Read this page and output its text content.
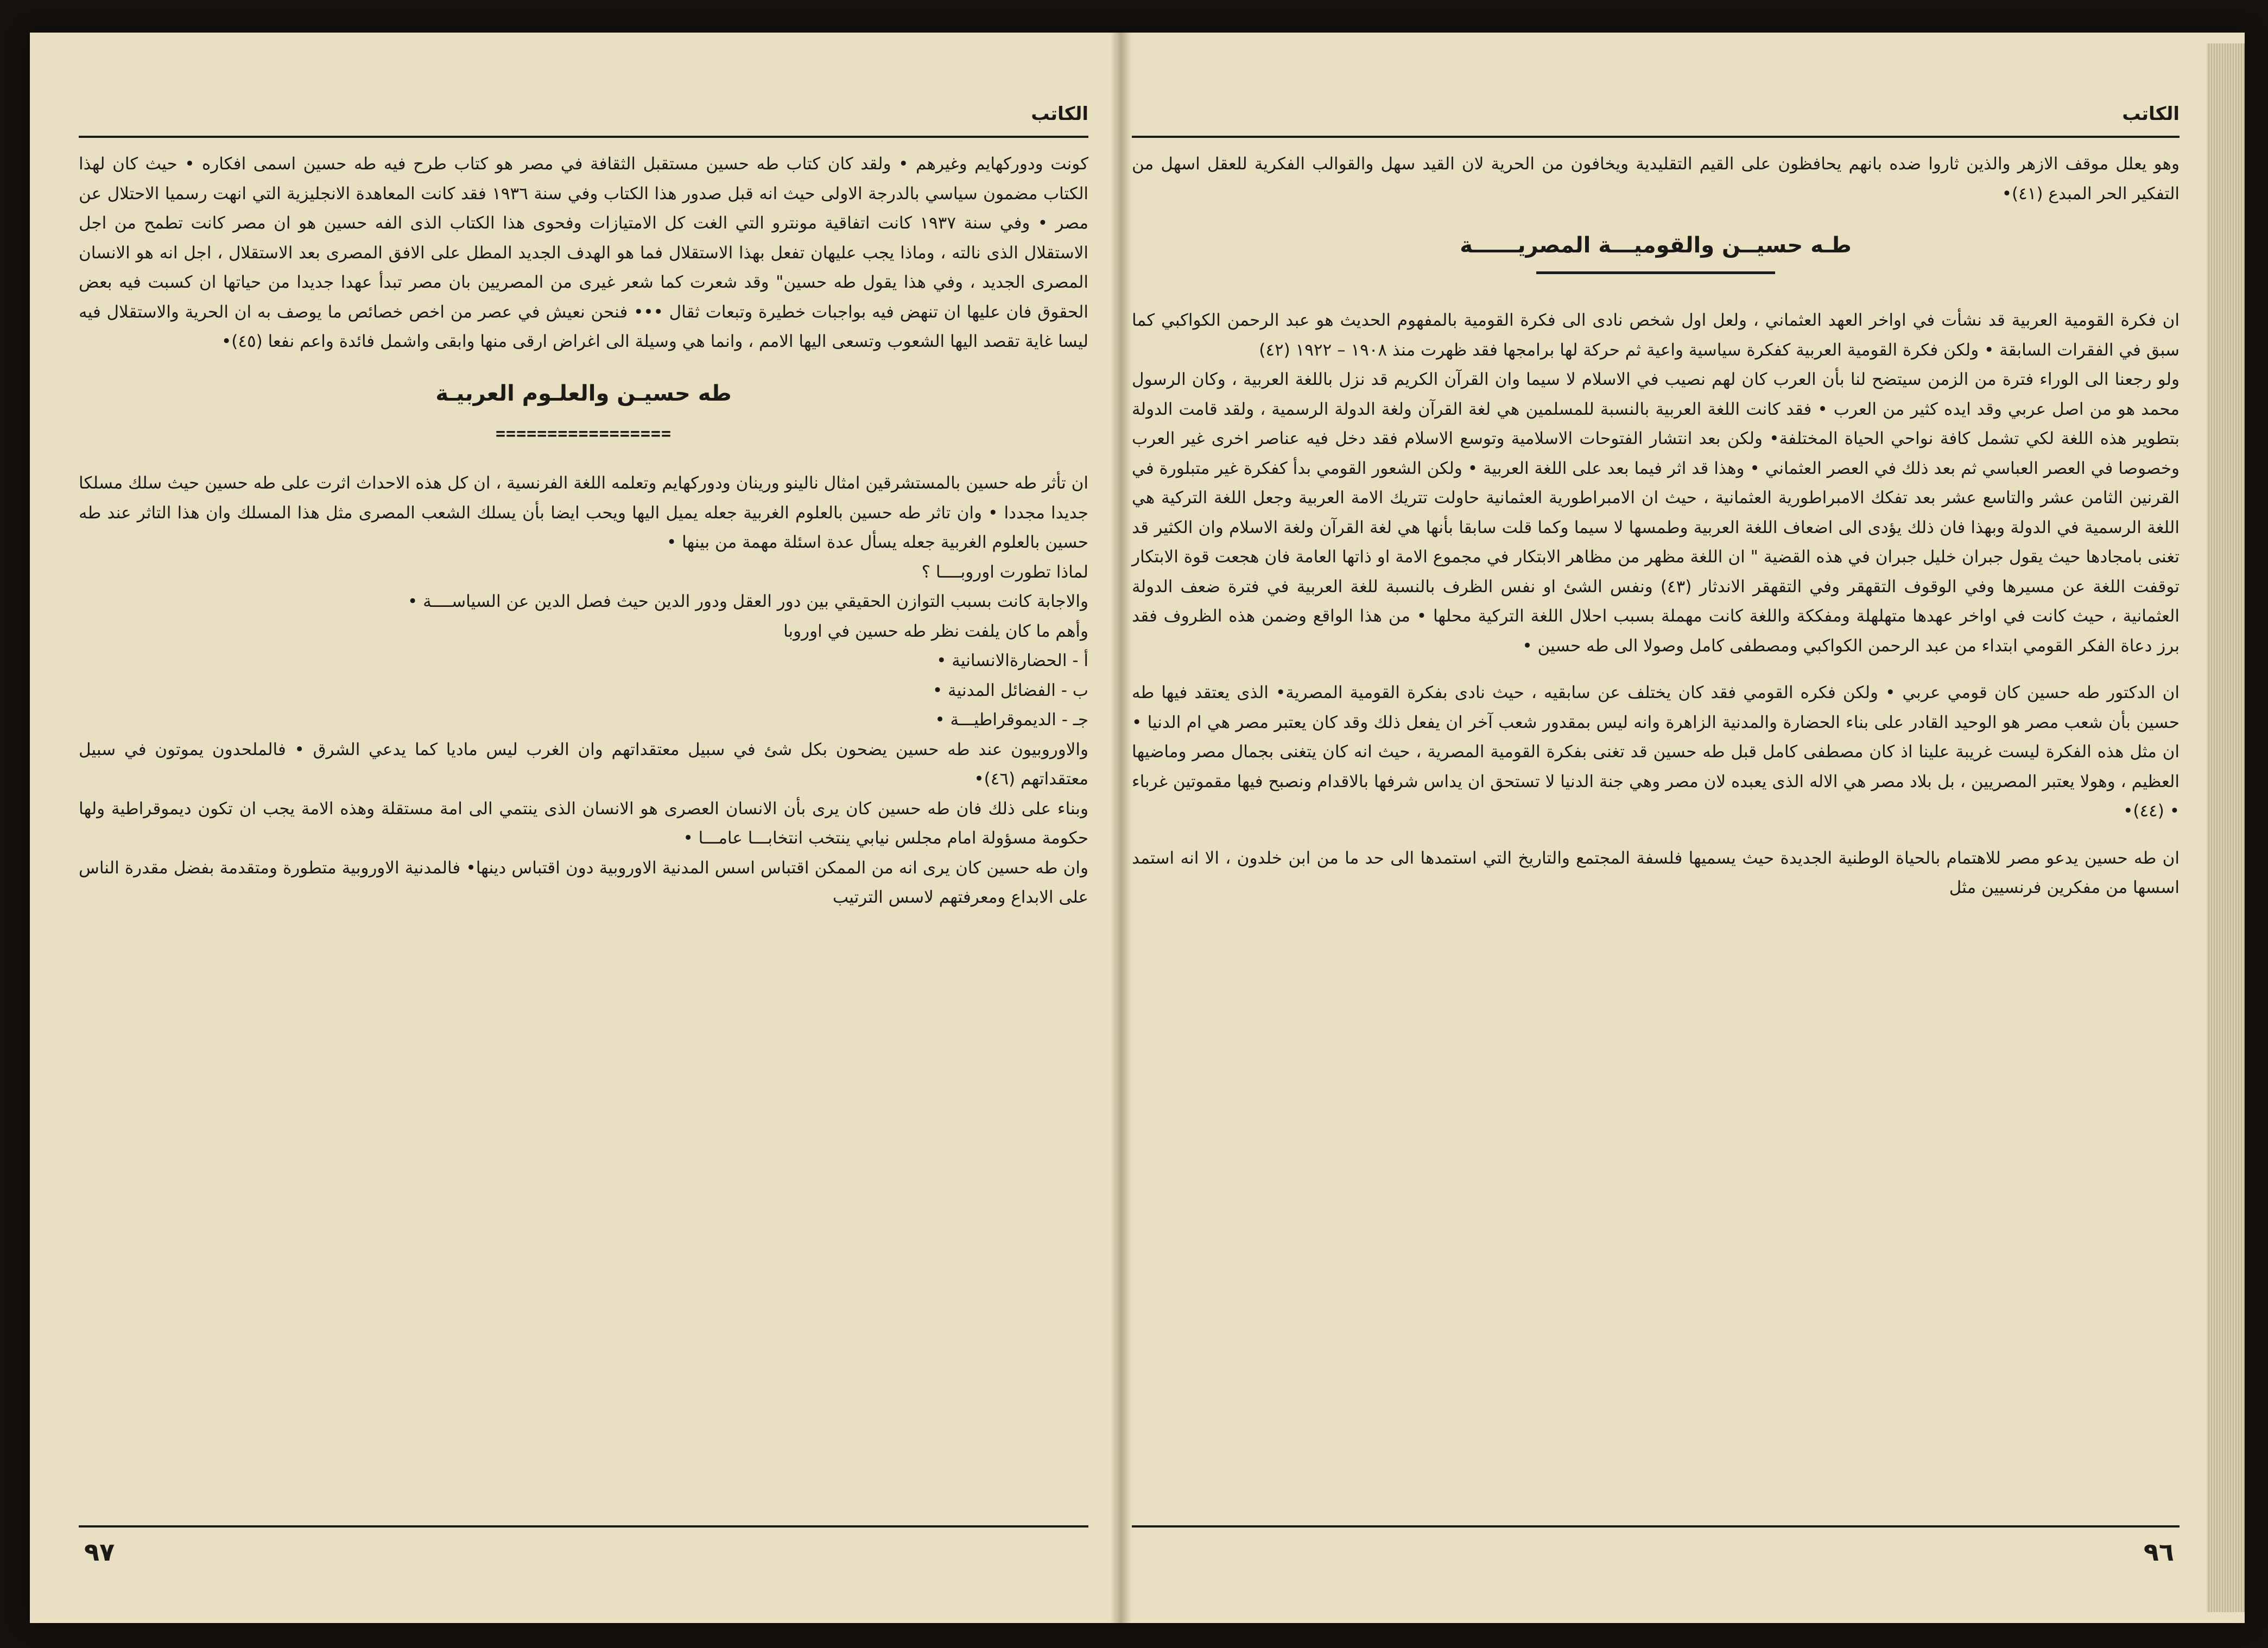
الكاتب

كونت ودوركهايم وغيرهم • ولقد كان كتاب طه حسين مستقبل الثقافة في مصر هو كتاب طرح فيه طه حسين اسمى افكاره • حيث كان لهذا الكتاب مضمون سياسي بالدرجة الاولى حيث انه قبل صدور هذا الكتاب وفي سنة ١٩٣٦ فقد كانت المعاهدة الانجليزية التي انهت رسميا الاحتلال عن مصر • وفي سنة ١٩٣٧ كانت اتفاقية مونترو التي الغت كل الامتيازات وفحوى هذا الكتاب الذى الفه حسين هو ان مصر كانت تطمح من اجل الاستقلال الذى نالته ، وماذا يجب عليهان تفعل بهذا الاستقلال فما هو الهدف الجديد المطل على الافق المصرى بعد الاستقلال ، اجل انه هو الانسان المصرى الجديد ، وفي هذا يقول طه حسين" وقد شعرت كما شعر غيرى من المصريين بان مصر تبدأ عهدا جديدا من حياتها ان كسبت فيه بعض الحقوق فان عليها ان تنهض فيه بواجبات خطيرة وتبعات ثقال ••• فنحن نعيش في عصر من اخص خصائص ما يوصف به ان الحرية والاستقلال فيه ليسا غاية تقصد اليها الشعوب وتسعى اليها الامم ، وانما هي وسيلة الى اغراض ارقى منها وابقى واشمل فائدة واعم نفعا (٤٥)•

طه حسيـن والعلـوم العربيـة
=================

ان تأثر طه حسين بالمستشرقين امثال نالينو ورينان ودوركهايم وتعلمه اللغة الفرنسية ، ان كل هذه الاحداث اثرت على طه حسين حيث سلك مسلكا جديدا مجددا • وان تاثر طه حسين بالعلوم الغربية جعله يميل اليها ويحب ايضا بأن يسلك الشعب المصرى مثل هذا المسلك وان هذا التاثر عند طه حسين بالعلوم الغربية جعله يسأل عدة اسئلة مهمة من بينها •

لماذا تطورت اوروبــــا ؟

والاجابة كانت بسبب التوازن الحقيقي بين دور العقل ودور الدين حيث فصل الدين عن السياســــة •

وأهم ما كان يلفت نظر طه حسين في اوروبا

أ - الحضارةالانسانية •

ب - الفضائل المدنية •

جـ - الديموقراطيـــة •

والاوروبيون عند طه حسين يضحون بكل شئ في سبيل معتقداتهم وان الغرب ليس ماديا كما يدعي الشرق • فالملحدون يموتون في سبيل معتقداتهم (٤٦)•

وبناء على ذلك فان طه حسين كان يرى بأن الانسان العصرى هو الانسان الذى ينتمي الى امة مستقلة وهذه الامة يجب ان تكون ديموقراطية ولها حكومة مسؤولة امام مجلس نيابي ينتخب انتخابـــا عامـــا •

وان طه حسين كان يرى انه من الممكن اقتباس اسس المدنية الاوروبية دون اقتباس دينها• فالمدنية الاوروبية متطورة ومتقدمة بفضل مقدرة الناس على الابداع ومعرفتهم لاسس الترتيب

٩٧
الكاتب

وهو يعلل موقف الازهر والذين ثاروا ضده بانهم يحافظون على القيم التقليدية ويخافون من الحرية لان القيد سهل والقوالب الفكرية للعقل اسهل من التفكير الحر المبدع (٤١)•

طـه حسيــن والقوميـــة المصريــــــة

ان فكرة القومية العربية قد نشأت في اواخر العهد العثماني ، ولعل اول شخص نادى الى فكرة القومية بالمفهوم الحديث هو عبد الرحمن الكواكبي كما سبق في الفقرات السابقة • ولكن فكرة القومية العربية كفكرة سياسية واعية ثم حركة لها برامجها فقد ظهرت منذ ١٩٠٨ – ١٩٢٢ (٤٢)

ولو رجعنا الى الوراء فترة من الزمن سيتضح لنا بأن العرب كان لهم نصيب في الاسلام لا سيما وان القرآن الكريم قد نزل باللغة العربية ، وكان الرسول محمد هو من اصل عربي وقد ايده كثير من العرب • فقد كانت اللغة العربية بالنسبة للمسلمين هي لغة القرآن ولغة الدولة الرسمية ، ولقد قامت الدولة بتطوير هذه اللغة لكي تشمل كافة نواحي الحياة المختلفة• ولكن بعد انتشار الفتوحات الاسلامية وتوسع الاسلام فقد دخل فيه عناصر اخرى غير العرب وخصوصا في العصر العباسي ثم بعد ذلك في العصر العثماني • وهذا قد اثر فيما بعد على اللغة العربية • ولكن الشعور القومي بدأ كفكرة غير متبلورة في القرنين الثامن عشر والتاسع عشر بعد تفكك الامبراطورية العثمانية ، حيث ان الامبراطورية العثمانية حاولت تتريك الامة العربية وجعل اللغة التركية هي اللغة الرسمية في الدولة وبهذا فان ذلك يؤدى الى اضعاف اللغة العربية وطمسها لا سيما وكما قلت سابقا بأنها هي لغة القرآن ولغة الاسلام وان الكثير قد تغنى بامجادها حيث يقول جبران خليل جبران في هذه القضية " ان اللغة مظهر من مظاهر الابتكار في مجموع الامة او ذاتها العامة فان هجعت قوة الابتكار توقفت اللغة عن مسيرها وفي الوقوف التقهقر وفي التقهقر الاندثار (٤٣) ونفس الشئ او نفس الظرف بالنسبة للغة العربية في فترة ضعف الدولة العثمانية ، حيث كانت في اواخر عهدها متهلهلة ومفككة واللغة كانت مهملة بسبب احلال اللغة التركية محلها • من هذا الواقع وضمن هذه الظروف فقد برز دعاة الفكر القومي ابتداء من عبد الرحمن الكواكبي ومصطفى كامل وصولا الى طه حسين •

ان الدكتور طه حسين كان قومي عربي • ولكن فكره القومي فقد كان يختلف عن سابقيه ، حيث نادى بفكرة القومية المصرية• الذى يعتقد فيها طه حسين بأن شعب مصر هو الوحيد القادر على بناء الحضارة والمدنية الزاهرة وانه ليس بمقدور شعب آخر ان يفعل ذلك وقد كان يعتبر مصر هي ام الدنيا • ان مثل هذه الفكرة ليست غريبة علينا اذ كان مصطفى كامل قبل طه حسين قد تغنى بفكرة القومية المصرية ، حيث انه كان يتغنى بجمال مصر وماضيها العظيم ، وهولا يعتبر المصريين ، بل بلاد مصر هي الاله الذى يعبده لان مصر وهي جنة الدنيا لا تستحق ان يداس شرفها بالاقدام ونصبح فيها مقموتين غرباء • (٤٤)•

ان طه حسين يدعو مصر للاهتمام بالحياة الوطنية الجديدة حيث يسميها فلسفة المجتمع والتاريخ التي استمدها الى حد ما من ابن خلدون ، الا انه استمد اسسها من مفكرين فرنسيين مثل

٩٦
